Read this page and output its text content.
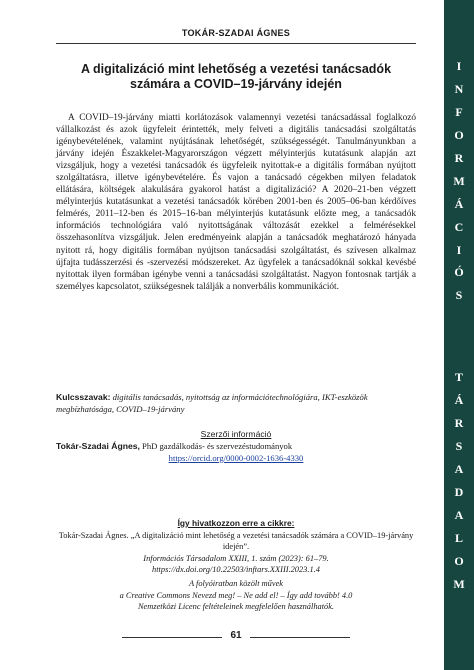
I
N
F
O
R
M
Á
C
I
Ó
S
T
Á
R
S
A
D
A
L
O
M
TOKÁR-SZADAI ÁGNES
A digitalizáció mint lehetőség a vezetési tanácsadók
számára a COVID–19-járvány idején

A COVID–19-járvány miatti korlátozások valamennyi vezetési tanácsadással foglalkozó vállalkozást és azok ügyfeleit érintették, mely felveti a digitális tanácsadási szolgáltatás igénybevételének, valamint nyújtásának lehetőségét, szükségességét. Tanulmányunkban a járvány idején Északkelet-Magyarországon végzett mélyinterjús kutatásunk alapján azt vizsgáljuk, hogy a vezetési tanácsadók és ügyfeleik nyitottak-e a digitális formában nyújtott szolgáltatásra, illetve igénybevételére. És vajon a tanácsadó cégekben milyen feladatok ellátására, költségek alakulására gyakorol hatást a digitalizáció? A 2020–21-ben végzett mélyinterjús kutatásunkat a vezetési tanácsadók körében 2001-ben és 2005–06-ban kérdőíves felmérés, 2011–12-ben és 2015–16-ban mélyinterjús kutatásunk előzte meg, a tanácsadók információs technológiára való nyitottságának változását ezekkel a felmérésekkel összehasonlítva vizsgáljuk. Jelen eredményeink alapján a tanácsadók meghatározó hányada nyitott rá, hogy digitális formában nyújtson tanácsadási szolgáltatást, és szívesen alkalmaz újfajta tudásszerzési és -szervezési módszereket. Az ügyfelek a tanácsadóknál sokkal kevésbé nyitottak ilyen formában igénybe venni a tanácsadási szolgáltatást. Nagyon fontosnak tartják a személyes kapcsolatot, szükségesnek találják a nonverbális kommunikációt.

Kulcsszavak: digitális tanácsadás, nyitottság az információtechnológiára, IKT-eszközök megbízhatósága, COVID–19-járvány
Szerzői információ
Tokár-Szadai Ágnes, PhD gazdálkodás- és szervezéstudományok
https://orcid.org/0000-0002-1636-4330
Így hivatkozzon erre a cikkre:
Tokár-Szadai Ágnes. „A digitalizáció mint lehetőség a vezetési tanácsadók számára a COVID–19-járvány idején”.
Információs Társadalom XXIII, 1. szám (2023): 61–79.
https://dx.doi.org/10.22503/inftars.XXIII.2023.1.4
A folyóiratban közölt művek
a Creative Commons Nevezd meg! – Ne add el! – Így add tovább! 4.0
Nemzetközi Licenc feltételeinek megfelelően használhatók.
61
